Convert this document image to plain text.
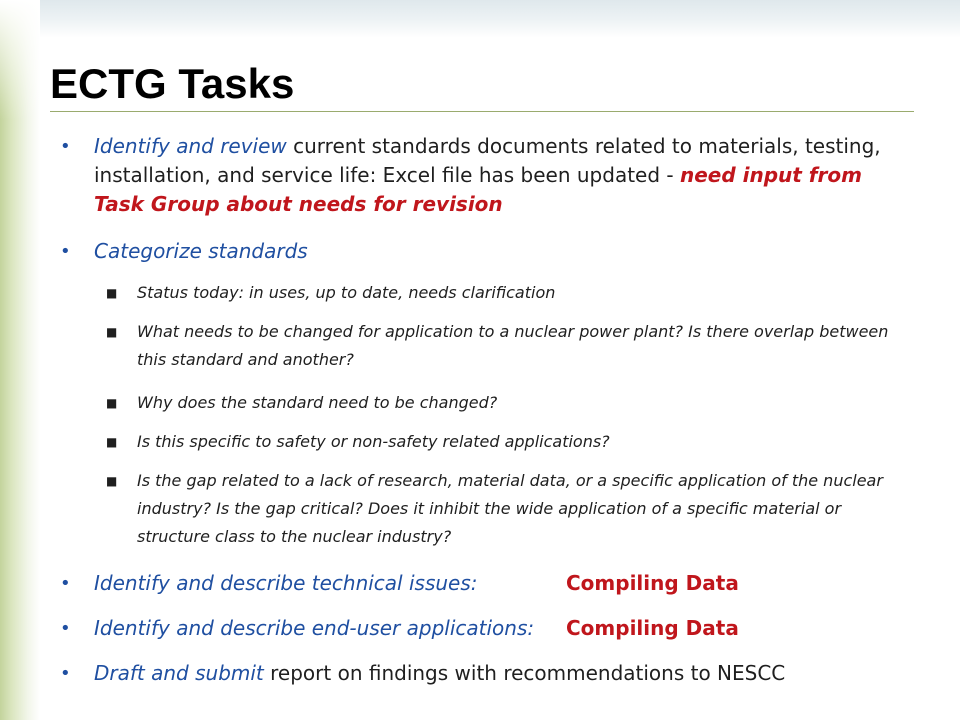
ECTG Tasks
• Identify and review current standards documents related to materials, testing, installation, and service life: Excel file has been updated - need input from Task Group about needs for revision
• Categorize standards
■ Status today: in uses, up to date, needs clarification
■ What needs to be changed for application to a nuclear power plant? Is there overlap between this standard and another?
■ Why does the standard need to be changed?
■ Is this specific to safety or non-safety related applications?
■ Is the gap related to a lack of research, material data, or a specific application of the nuclear industry? Is the gap critical? Does it inhibit the wide application of a specific material or structure class to the nuclear industry?
• Identify and describe technical issues:	Compiling Data
• Identify and describe end-user applications: Compiling Data
• Draft and submit report on findings with recommendations to NESCC
